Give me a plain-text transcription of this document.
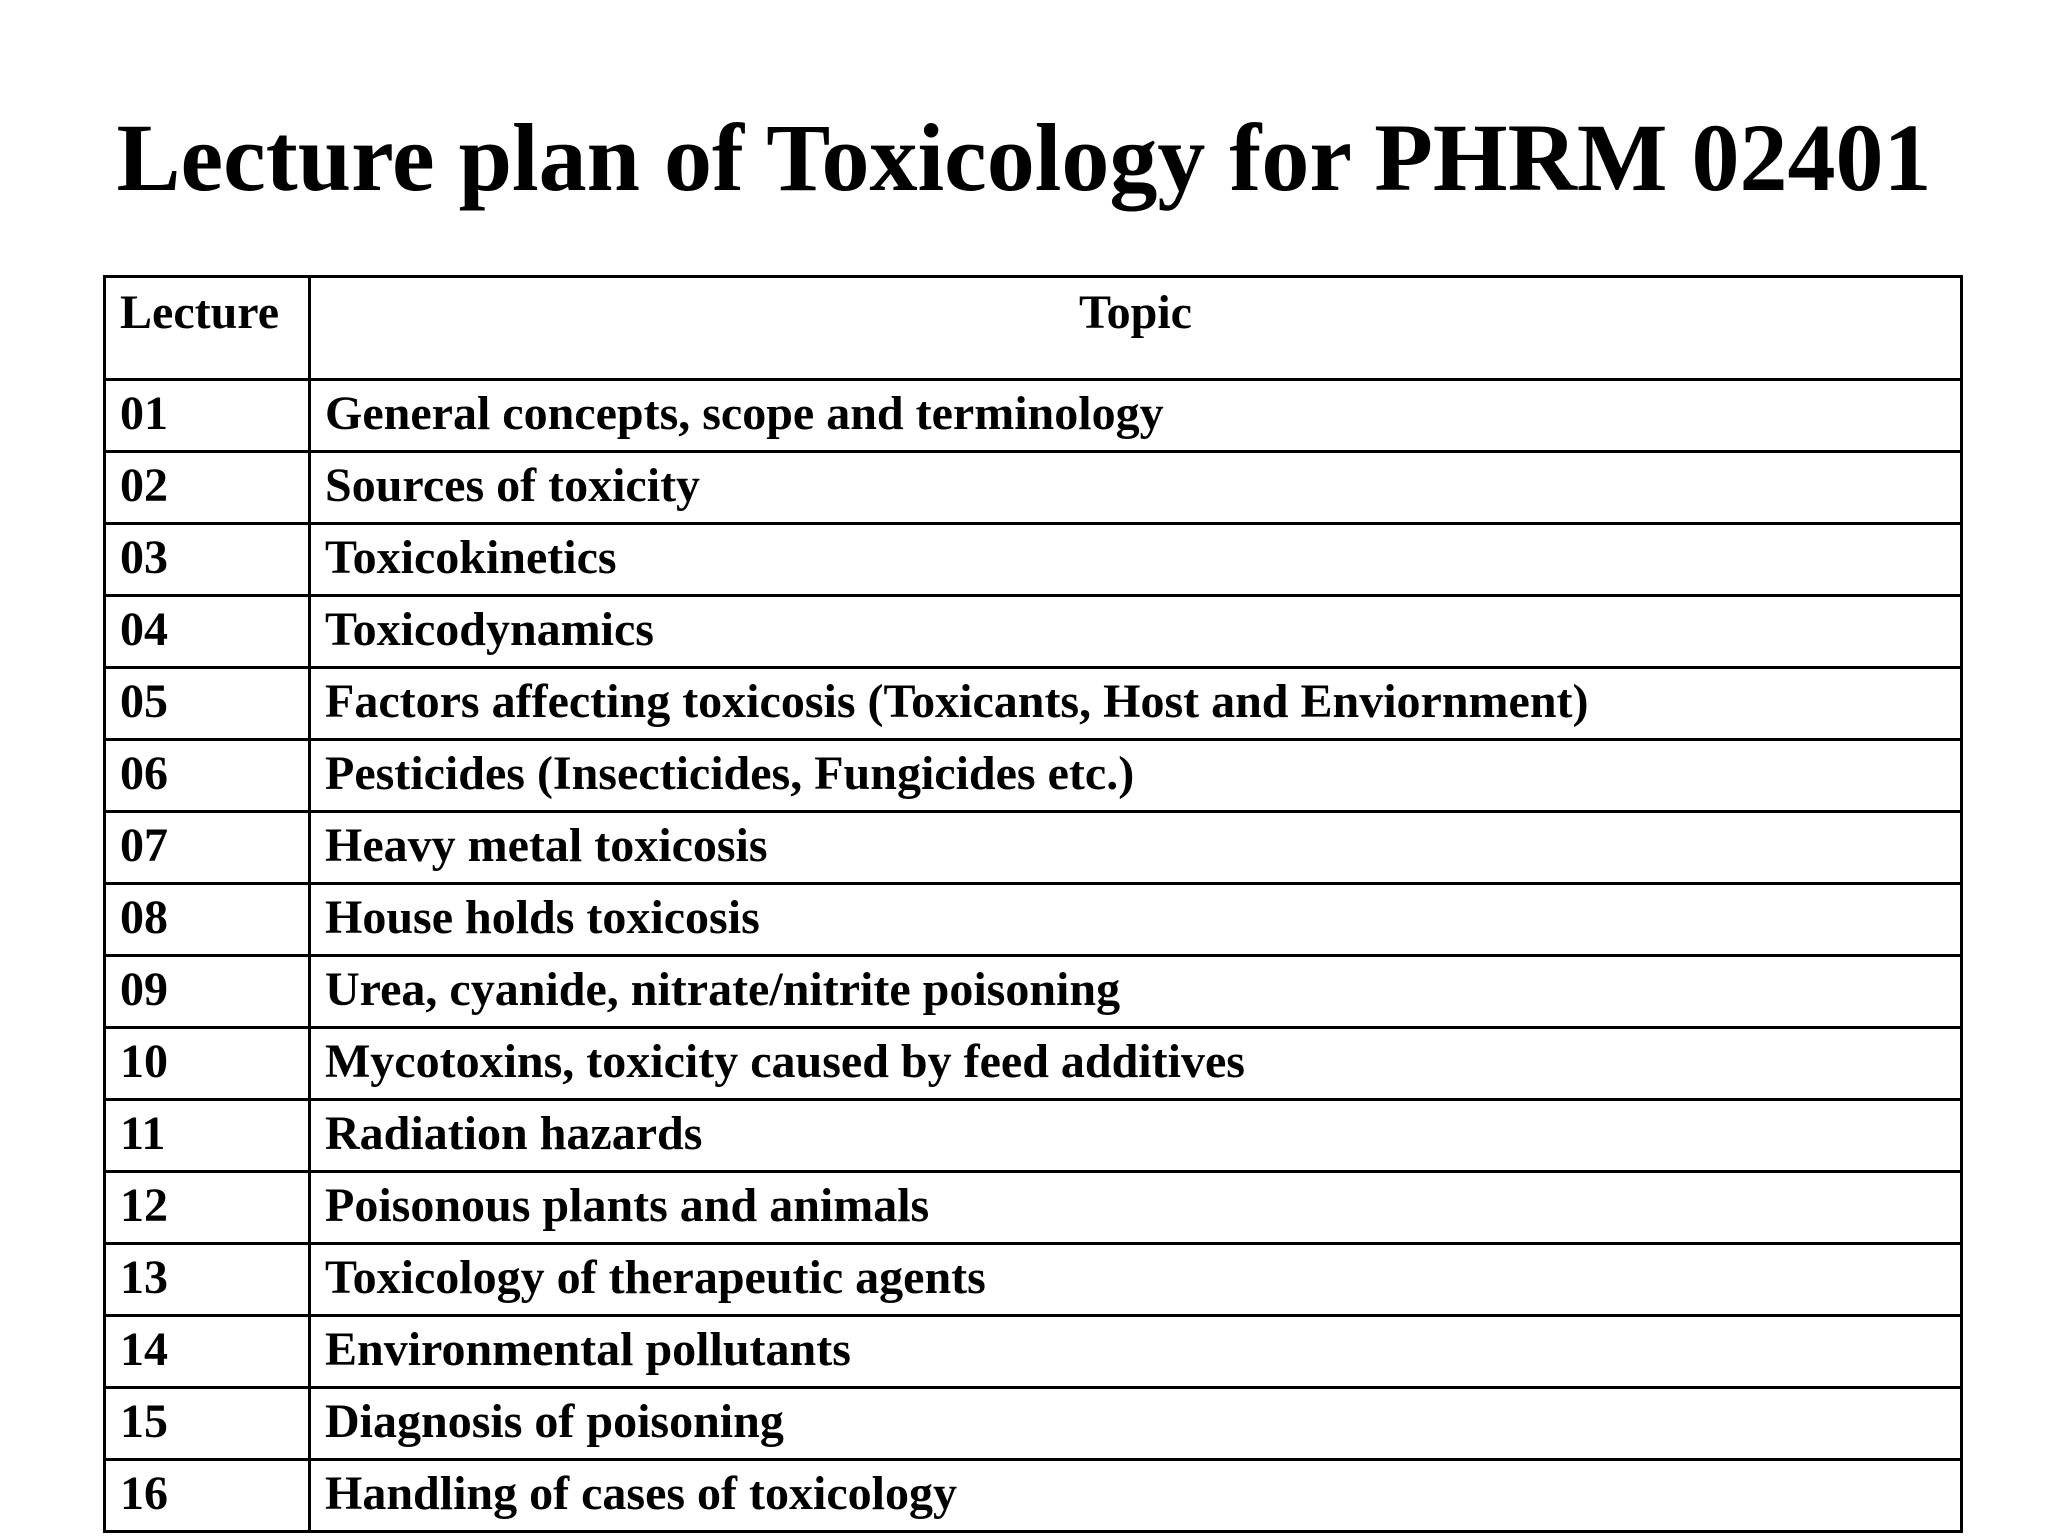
Lecture plan of Toxicology for PHRM 02401
Lecture	Topic
01	General concepts, scope and terminology
02	Sources of toxicity
03	Toxicokinetics
04	Toxicodynamics
05	Factors affecting toxicosis (Toxicants, Host and Enviornment)
06	Pesticides (Insecticides, Fungicides etc.)
07	Heavy metal toxicosis
08	House holds toxicosis
09	Urea, cyanide, nitrate/nitrite poisoning
10	Mycotoxins, toxicity caused by feed additives
11	Radiation hazards
12	Poisonous plants and animals
13	Toxicology of therapeutic agents
14	Environmental pollutants
15	Diagnosis of poisoning
16	Handling of cases of toxicology
